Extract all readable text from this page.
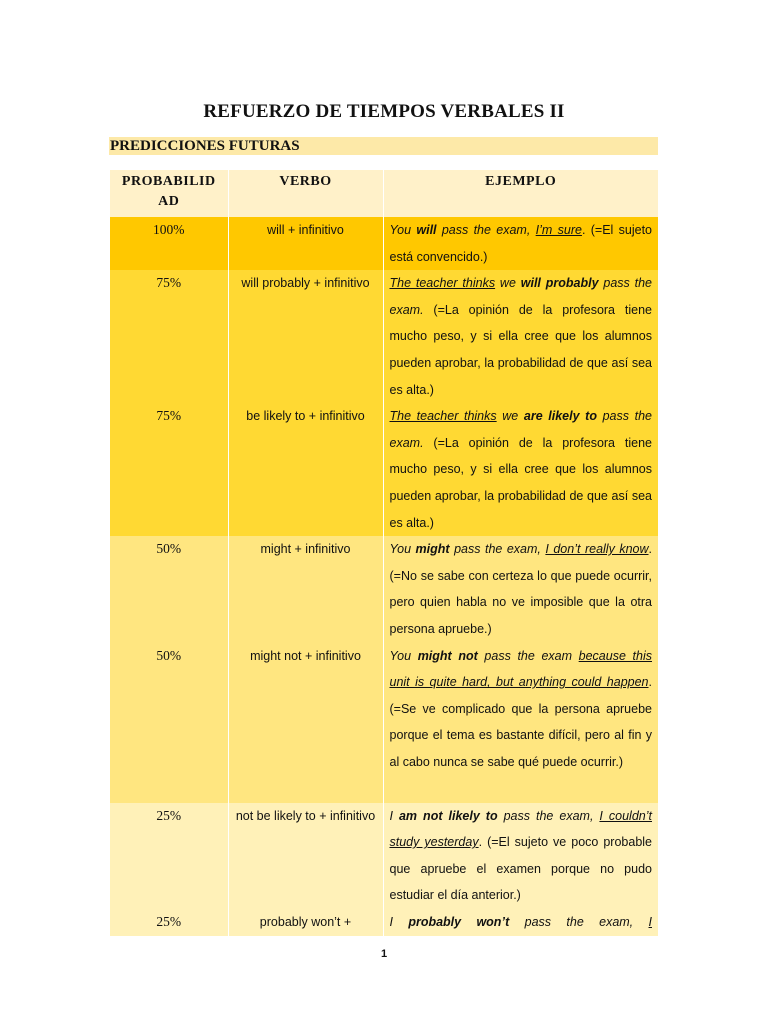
REFUERZO DE TIEMPOS VERBALES II
PREDICCIONES FUTURAS
PROBABILID AD	VERBO	EJEMPLO
100%	will + infinitivo	You will pass the exam, I’m sure. (=El sujeto está convencido.)
75%	will probably + infinitivo	The teacher thinks we will probably pass the exam. (=La opinión de la profesora tiene mucho peso, y si ella cree que los alumnos pueden aprobar, la probabilidad de que así sea es alta.)
75%	be likely to + infinitivo	The teacher thinks we are likely to pass the exam. (=La opinión de la profesora tiene mucho peso, y si ella cree que los alumnos pueden aprobar, la probabilidad de que así sea es alta.)
50%	might + infinitivo	You might pass the exam, I don’t really know. (=No se sabe con certeza lo que puede ocurrir, pero quien habla no ve imposible que la otra persona apruebe.)
50%	might not + infinitivo	You might not pass the exam because this unit is quite hard, but anything could happen. (=Se ve complicado que la persona apruebe porque el tema es bastante difícil, pero al fin y al cabo nunca se sabe qué puede ocurrir.)
25%	not be likely to + infinitivo	I am not likely to pass the exam, I couldn’t study yesterday. (=El sujeto ve poco probable que apruebe el examen porque no pudo estudiar el día anterior.)
25%	probably won’t +	I probably won’t pass the exam, I
1
